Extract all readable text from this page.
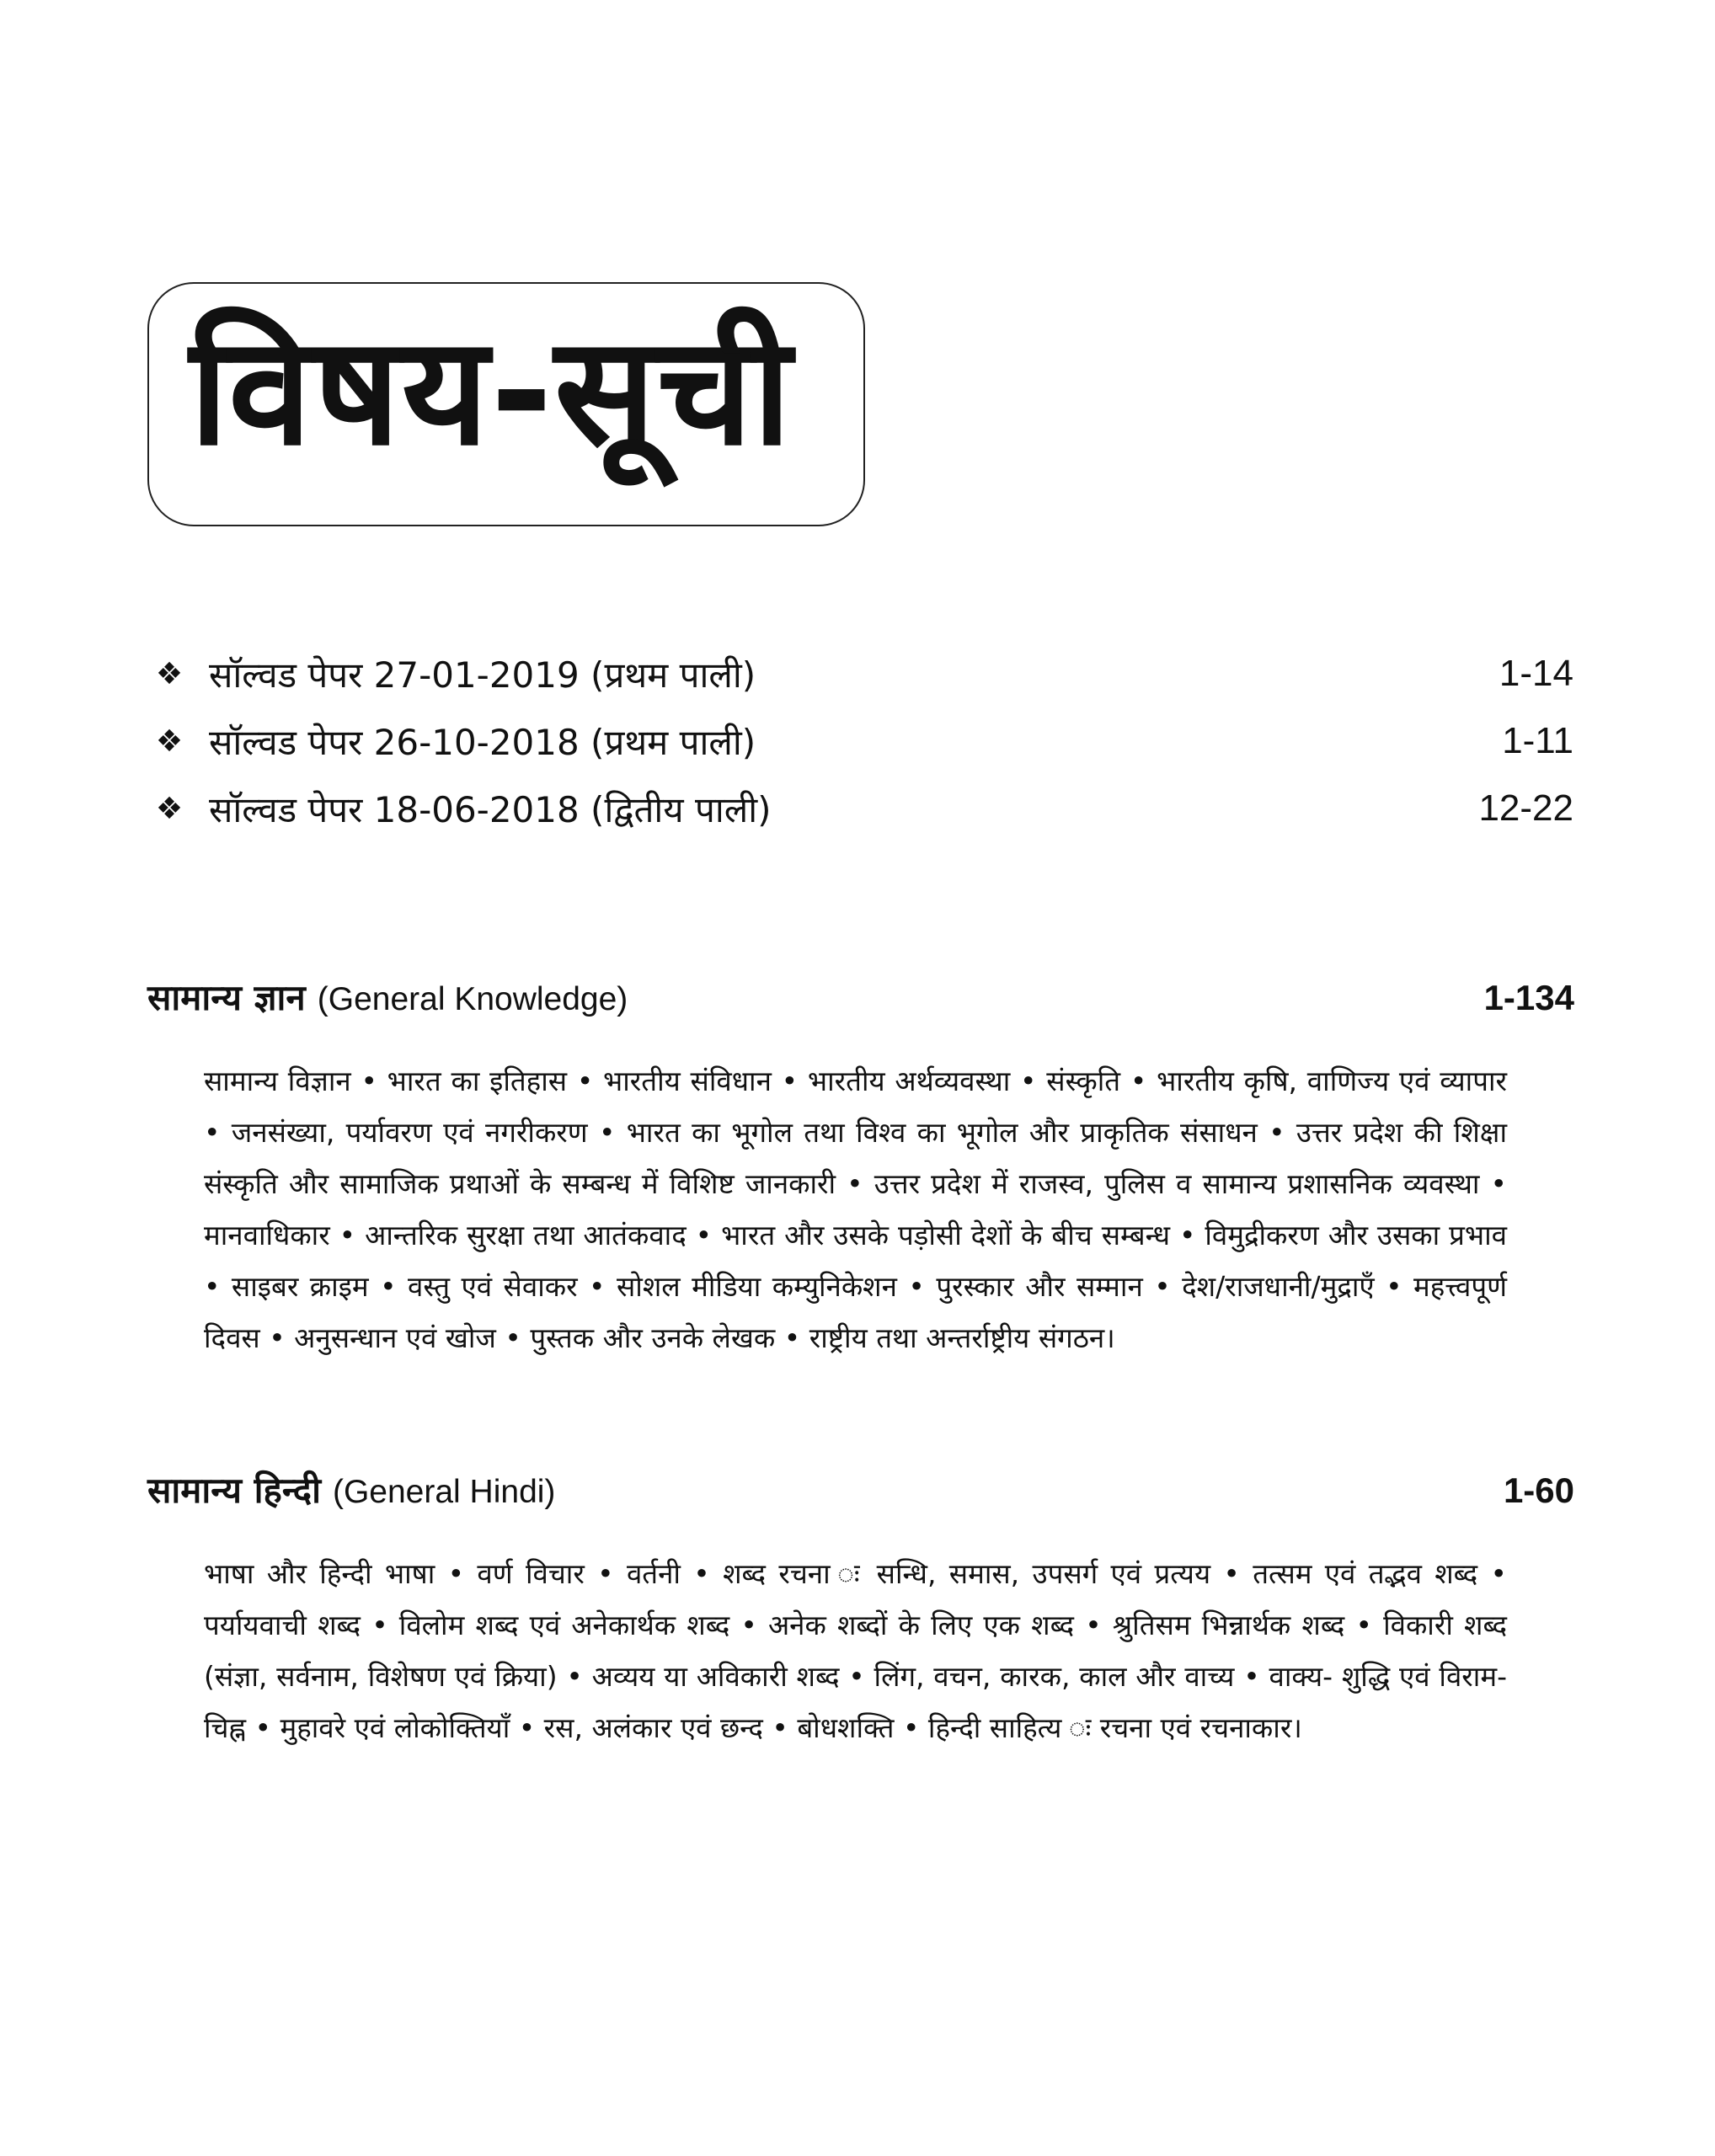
विषय-सूची
❖ सॉल्वड पेपर 27-01-2019 (प्रथम पाली)	1-14
❖ सॉल्वड पेपर 26-10-2018 (प्रथम पाली)	1-11
❖ सॉल्वड पेपर 18-06-2018 (द्वितीय पाली)	12-22
सामान्य ज्ञान (General Knowledge)	1-134
सामान्य विज्ञान • भारत का इतिहास • भारतीय संविधान • भारतीय अर्थव्यवस्था • संस्कृति • भारतीय कृषि, वाणिज्य एवं व्यापार • जनसंख्या, पर्यावरण एवं नगरीकरण • भारत का भूगोल तथा विश्व का भूगोल और प्राकृतिक संसाधन • उत्तर प्रदेश की शिक्षा संस्कृति और सामाजिक प्रथाओं के सम्बन्ध में विशिष्ट जानकारी • उत्तर प्रदेश में राजस्व, पुलिस व सामान्य प्रशासनिक व्यवस्था • मानवाधिकार • आन्तरिक सुरक्षा तथा आतंकवाद • भारत और उसके पड़ोसी देशों के बीच सम्बन्ध • विमुद्रीकरण और उसका प्रभाव • साइबर क्राइम • वस्तु एवं सेवाकर • सोशल मीडिया कम्युनिकेशन • पुरस्कार और सम्मान • देश/राजधानी/मुद्राएँ • महत्त्वपूर्ण दिवस • अनुसन्धान एवं खोज • पुस्तक और उनके लेखक • राष्ट्रीय तथा अन्तर्राष्ट्रीय संगठन।
सामान्य हिन्दी (General Hindi)	1-60
भाषा और हिन्दी भाषा • वर्ण विचार • वर्तनी • शब्द रचना ः सन्धि, समास, उपसर्ग एवं प्रत्यय • तत्सम एवं तद्भव शब्द • पर्यायवाची शब्द • विलोम शब्द एवं अनेकार्थक शब्द • अनेक शब्दों के लिए एक शब्द • श्रुतिसम भिन्नार्थक शब्द • विकारी शब्द (संज्ञा, सर्वनाम, विशेषण एवं क्रिया) • अव्यय या अविकारी शब्द • लिंग, वचन, कारक, काल और वाच्य • वाक्य- शुद्धि एवं विराम-चिह्न • मुहावरे एवं लोकोक्तियाँ • रस, अलंकार एवं छन्द • बोधशक्ति • हिन्दी साहित्य ः रचना एवं रचनाकार।
